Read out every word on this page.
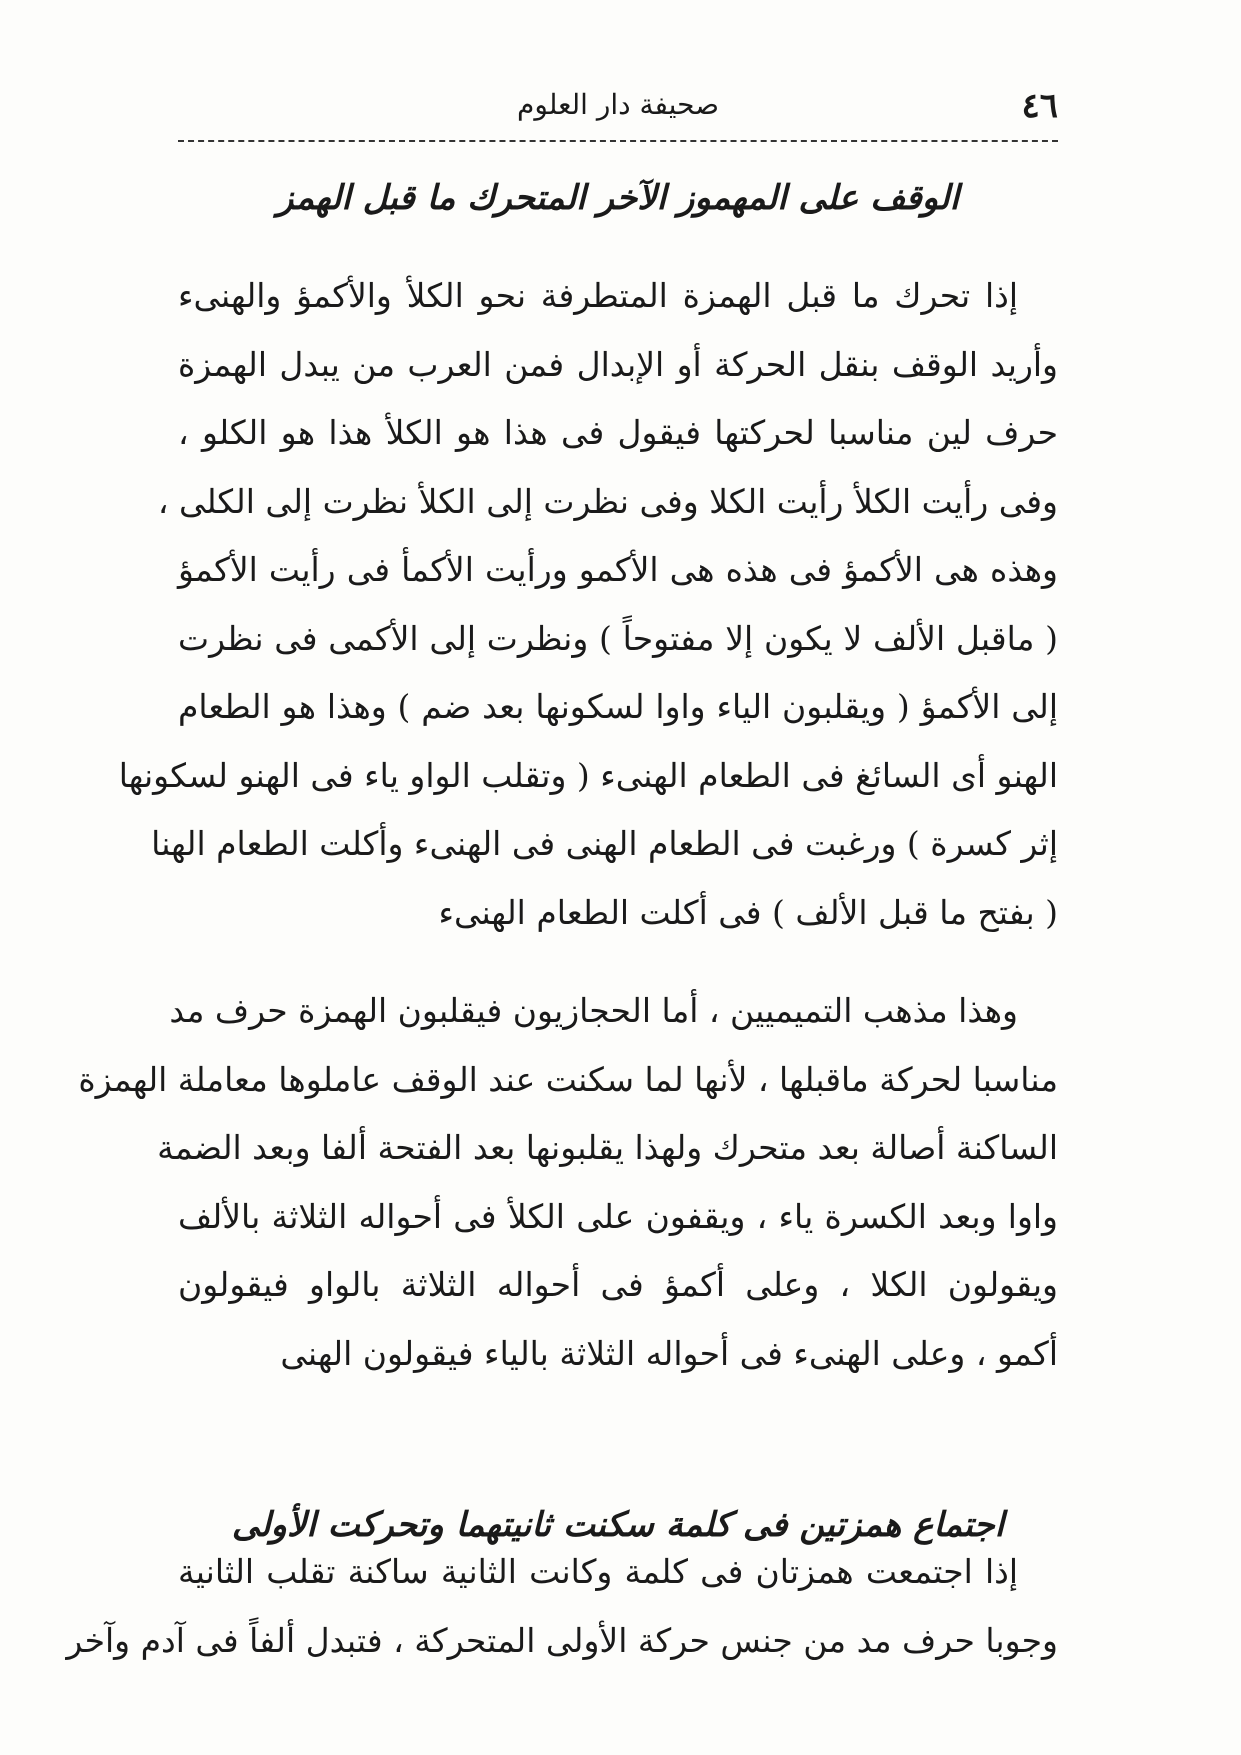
٤٦
صحيفة دار العلوم
الوقف على المهموز الآخر المتحرك ما قبل الهمز
إذا تحرك ما قبل الهمزة المتطرفة نحو الكلأ والأكمؤ والهنىء
وأريد الوقف بنقل الحركة أو الإبدال فمن العرب من يبدل الهمزة
حرف لين مناسبا لحركتها فيقول فى هذا هو الكلأ هذا هو الكلو ،
وفى رأيت الكلأ رأيت الكلا وفى نظرت إلى الكلأ نظرت إلى الكلى ،
وهذه هى الأكمؤ فى هذه هى الأكمو ورأيت الأكمأ فى رأيت الأكمؤ
( ماقبل الألف لا يكون إلا مفتوحاً ) ونظرت إلى الأكمى فى نظرت
إلى الأكمؤ ( ويقلبون الياء واوا لسكونها بعد ضم ) وهذا هو الطعام
الهنو أى السائغ فى الطعام الهنىء ( وتقلب الواو ياء فى الهنو لسكونها
إثر كسرة ) ورغبت فى الطعام الهنى فى الهنىء وأكلت الطعام الهنا
( بفتح ما قبل الألف ) فى أكلت الطعام الهنىء
وهذا مذهب التميميين ، أما الحجازيون فيقلبون الهمزة حرف مد
مناسبا لحركة ماقبلها ، لأنها لما سكنت عند الوقف عاملوها معاملة الهمزة
الساكنة أصالة بعد متحرك ولهذا يقلبونها بعد الفتحة ألفا وبعد الضمة
واوا وبعد الكسرة ياء ، ويقفون على الكلأ فى أحواله الثلاثة بالألف
ويقولون الكلا ، وعلى أكمؤ فى أحواله الثلاثة بالواو فيقولون
أكمو ، وعلى الهنىء فى أحواله الثلاثة بالياء فيقولون الهنى
اجتماع همزتين فى كلمة سكنت ثانيتهما وتحركت الأولى
إذا اجتمعت همزتان فى كلمة وكانت الثانية ساكنة تقلب الثانية
وجوبا حرف مد من جنس حركة الأولى المتحركة ، فتبدل ألفاً فى آدم وآخر
